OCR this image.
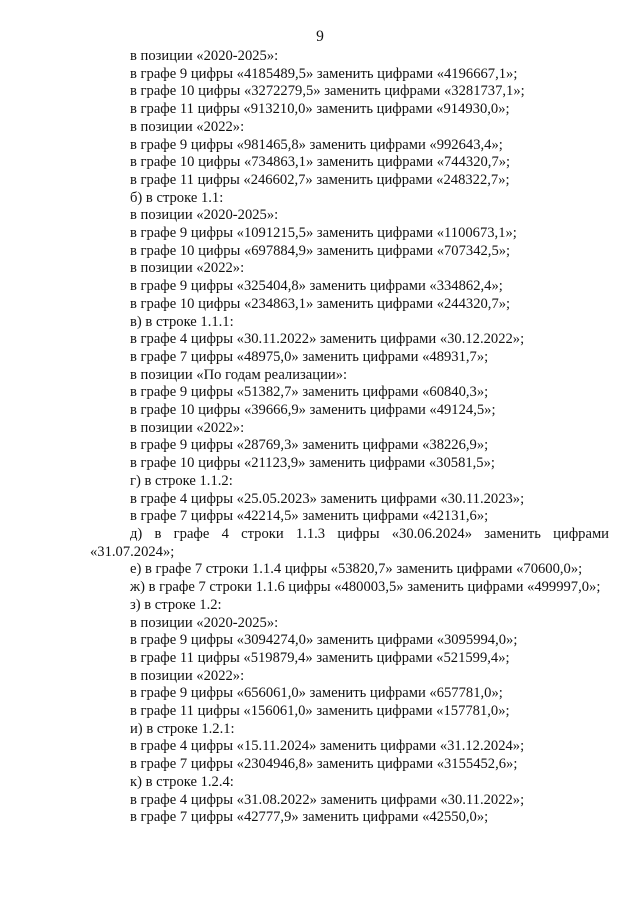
9
в позиции «2020-2025»:
в графе 9 цифры «4185489,5» заменить цифрами «4196667,1»;
в графе 10 цифры «3272279,5» заменить цифрами «3281737,1»;
в графе 11 цифры «913210,0» заменить цифрами «914930,0»;
в позиции «2022»:
в графе 9 цифры «981465,8» заменить цифрами «992643,4»;
в графе 10 цифры «734863,1» заменить цифрами «744320,7»;
в графе 11 цифры «246602,7» заменить цифрами «248322,7»;
б) в строке 1.1:
в позиции «2020-2025»:
в графе 9 цифры «1091215,5» заменить цифрами «1100673,1»;
в графе 10 цифры «697884,9» заменить цифрами «707342,5»;
в позиции «2022»:
в графе 9 цифры «325404,8» заменить цифрами «334862,4»;
в графе 10 цифры «234863,1» заменить цифрами «244320,7»;
в) в строке 1.1.1:
в графе 4 цифры «30.11.2022» заменить цифрами «30.12.2022»;
в графе 7 цифры «48975,0» заменить цифрами «48931,7»;
в позиции «По годам реализации»:
в графе 9 цифры «51382,7» заменить цифрами «60840,3»;
в графе 10 цифры «39666,9» заменить цифрами «49124,5»;
в позиции «2022»:
в графе 9 цифры «28769,3» заменить цифрами «38226,9»;
в графе 10 цифры «21123,9» заменить цифрами «30581,5»;
г) в строке 1.1.2:
в графе 4 цифры «25.05.2023» заменить цифрами «30.11.2023»;
в графе 7 цифры «42214,5» заменить цифрами «42131,6»;
д) в графе 4 строки 1.1.3 цифры «30.06.2024» заменить цифрами «31.07.2024»;
е) в графе 7 строки 1.1.4 цифры «53820,7» заменить цифрами «70600,0»;
ж) в графе 7 строки 1.1.6 цифры «480003,5» заменить цифрами «499997,0»;
з) в строке 1.2:
в позиции «2020-2025»:
в графе 9 цифры «3094274,0» заменить цифрами «3095994,0»;
в графе 11 цифры «519879,4» заменить цифрами «521599,4»;
в позиции «2022»:
в графе 9 цифры «656061,0» заменить цифрами «657781,0»;
в графе 11 цифры «156061,0» заменить цифрами «157781,0»;
и) в строке 1.2.1:
в графе 4 цифры «15.11.2024» заменить цифрами «31.12.2024»;
в графе 7 цифры «2304946,8» заменить цифрами «3155452,6»;
к) в строке 1.2.4:
в графе 4 цифры «31.08.2022» заменить цифрами «30.11.2022»;
в графе 7 цифры «42777,9» заменить цифрами «42550,0»;
